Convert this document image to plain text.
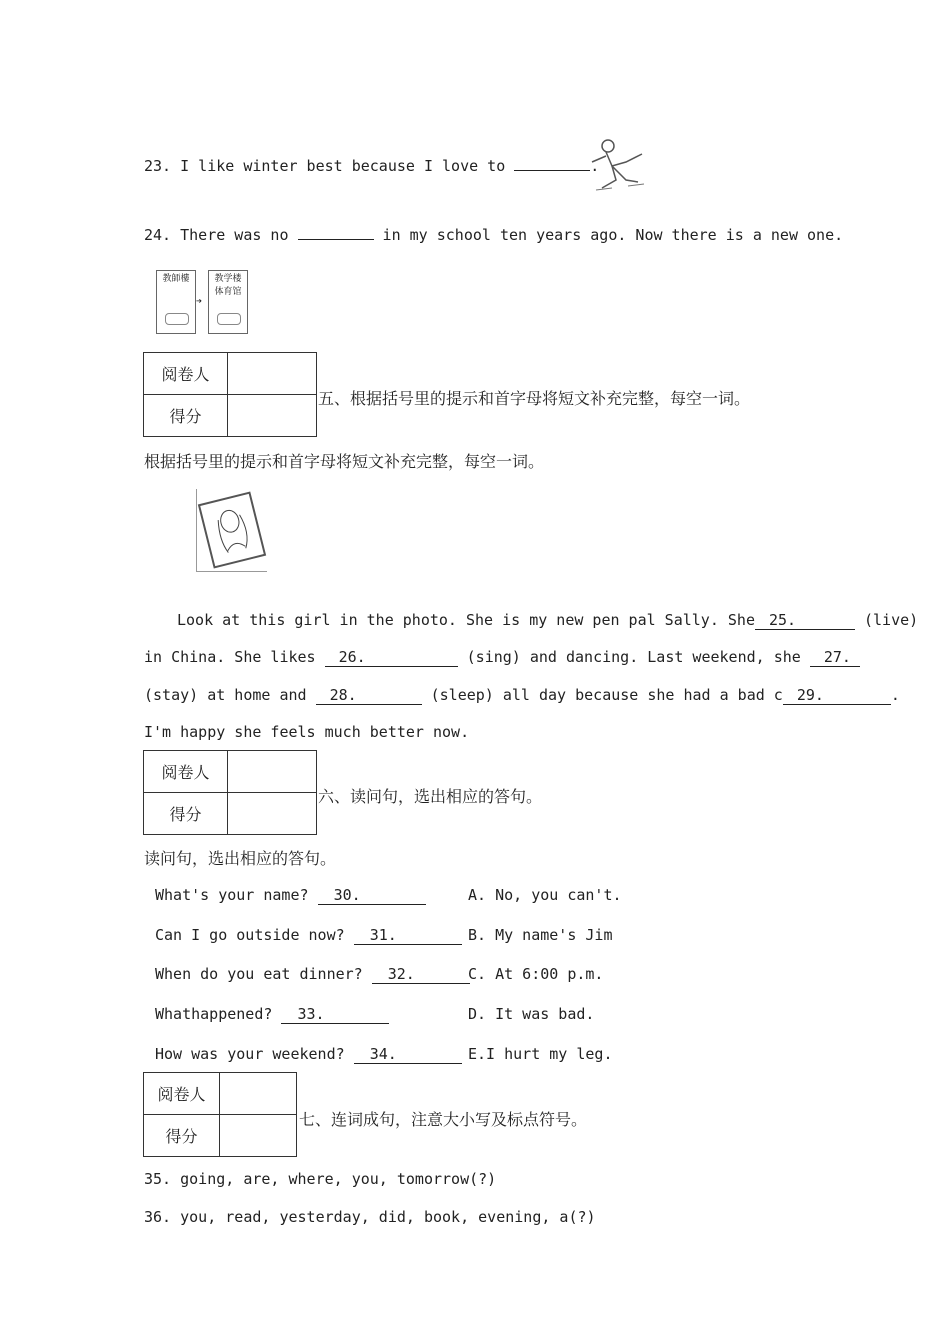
23. I like winter best because I love to	.
24. There was no	in my school ten years ago. Now there is a new one.
教師樓
➔
教学楼
体育馆
阅卷人	
得分	
五、根据括号里的提示和首字母将短文补充完整，每空一词。
根据括号里的提示和首字母将短文补充完整，每空一词。
Look at this girl in the photo. She is my new pen pal Sally. She 25.	(live)
in China. She likes 26.	(sing) and dancing. Last weekend, she 27.
(stay) at home and 28.	(sleep) all day because she had a bad c 29.	.
I'm happy she feels much better now.
阅卷人	
得分	
六、读问句，选出相应的答句。
读问句，选出相应的答句。
What's your name? 30.	A. No, you can't.
Can I go outside now? 31.	B. My name's Jim
When do you eat dinner? 32.	C. At 6:00 p.m.
Whathappened? 33.	D. It was bad.
How was your weekend? 34.	E.I hurt my leg.
阅卷人	
得分	
七、连词成句，注意大小写及标点符号。
35. going, are, where, you, tomorrow(?)
36. you, read, yesterday, did, book, evening, a(?)
